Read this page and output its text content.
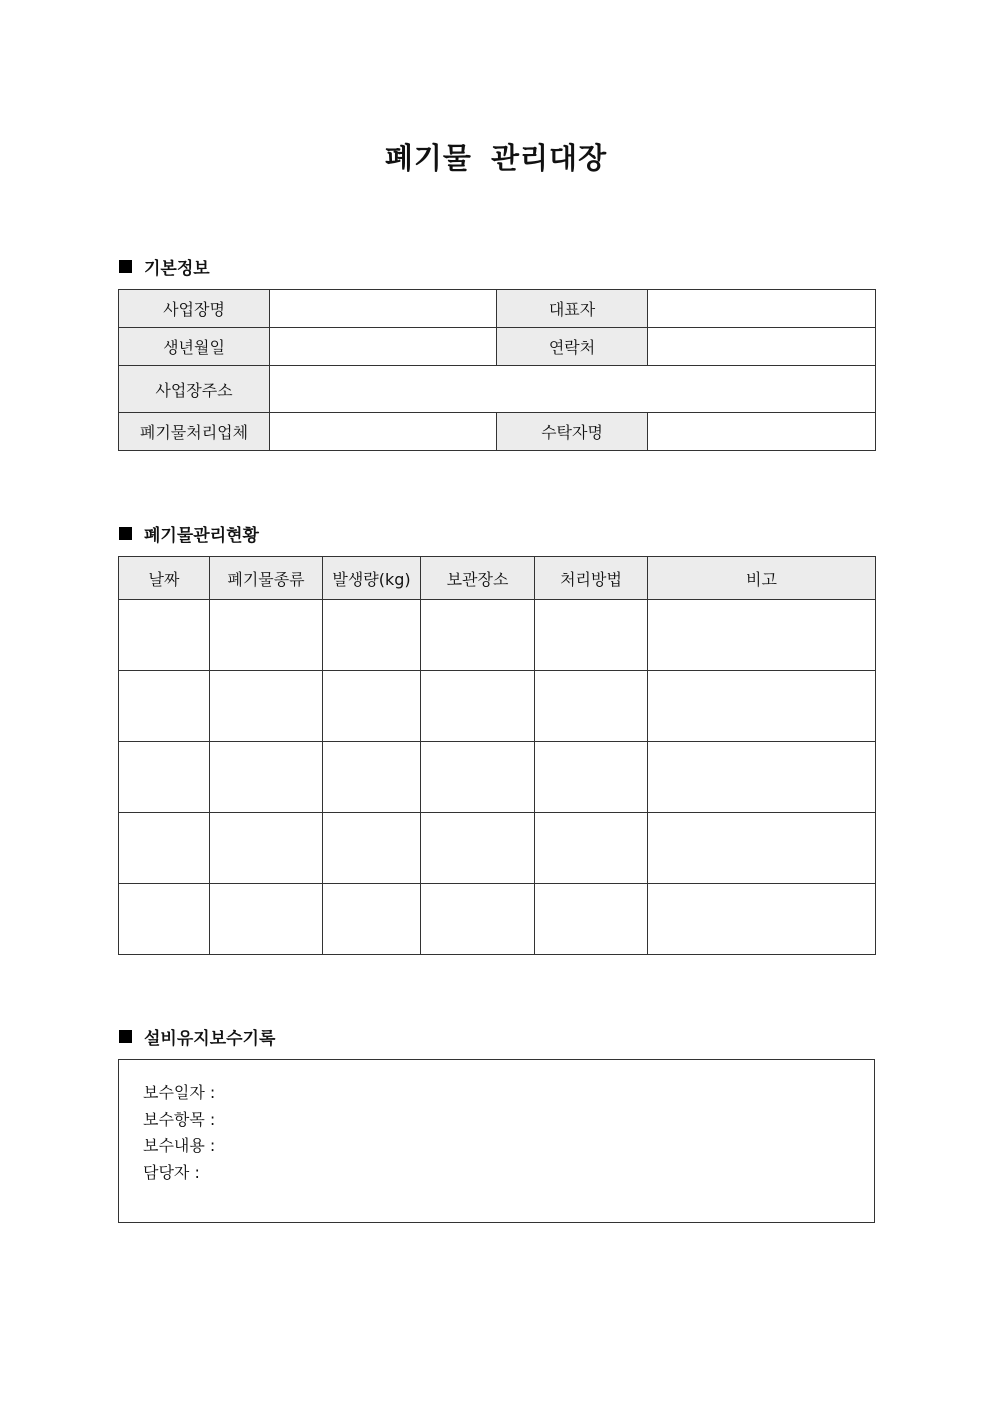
폐기물 관리대장
기본정보
사업장명		대표자	
생년월일		연락처	
사업장주소			
폐기물처리업체		수탁자명	
폐기물관리현황
날짜	폐기물종류	발생량(kg)	보관장소	처리방법	비고

설비유지보수기록
보수일자 :
보수항목 :
보수내용 :
담당자 :
